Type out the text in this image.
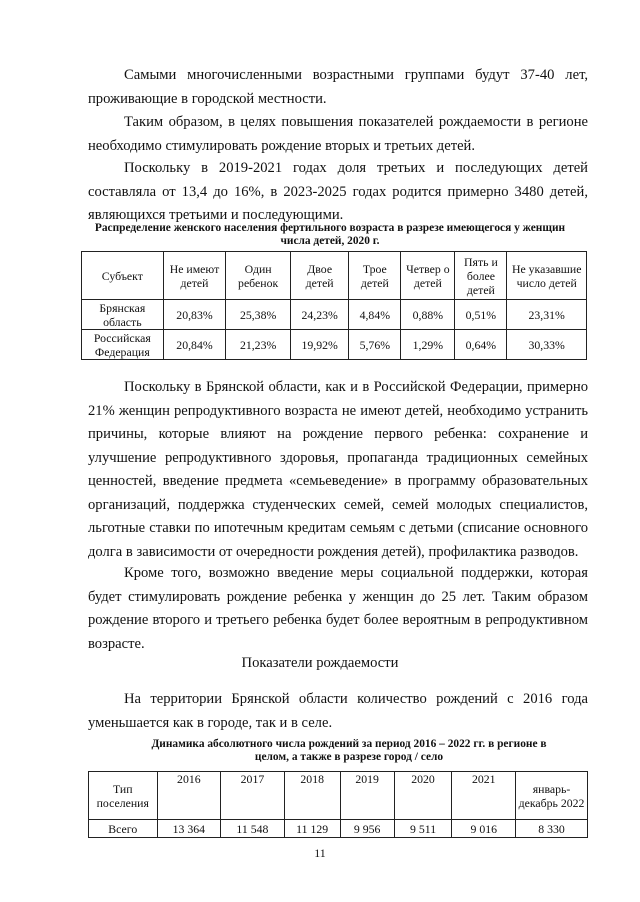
Самыми многочисленными возрастными группами будут 37-40 лет, проживающие в городской местности.

Таким образом, в целях повышения показателей рождаемости в регионе необходимо стимулировать рождение вторых и третьих детей.

Поскольку в 2019-2021 годах доля третьих и последующих детей составляла от 13,4 до 16%, в 2023-2025 годах родится примерно 3480 детей, являющихся третьими и последующими.

Распределение женского населения фертильного возраста в разрезе имеющегося у женщин числа детей, 2020 г.

Субъект	Не имеют детей	Один ребенок	Двое детей	Трое детей	Четвер о детей	Пять и более детей	Не указавшие число детей
Брянская область	20,83%	25,38%	24,23%	4,84%	0,88%	0,51%	23,31%
Российская Федерация	20,84%	21,23%	19,92%	5,76%	1,29%	0,64%	30,33%

Поскольку в Брянской области, как и в Российской Федерации, примерно 21% женщин репродуктивного возраста не имеют детей, необходимо устранить причины, которые влияют на рождение первого ребенка: сохранение и улучшение репродуктивного здоровья, пропаганда традиционных семейных ценностей, введение предмета «семьеведение» в программу образовательных организаций, поддержка студенческих семей, семей молодых специалистов, льготные ставки по ипотечным кредитам семьям с детьми (списание основного долга в зависимости от очередности рождения детей), профилактика разводов.

Кроме того, возможно введение меры социальной поддержки, которая будет стимулировать рождение ребенка у женщин до 25 лет. Таким образом рождение второго и третьего ребенка будет более вероятным в репродуктивном возрасте.

Показатели рождаемости

На территории Брянской области количество рождений с 2016 года уменьшается как в городе, так и в селе.

Динамика абсолютного числа рождений за период 2016 – 2022 гг. в регионе в целом, а также в разрезе город / село

Тип поселения	2016	2017	2018	2019	2020	2021	январь-декабрь 2022
Всего	13 364	11 548	11 129	9 956	9 511	9 016	8 330
11
